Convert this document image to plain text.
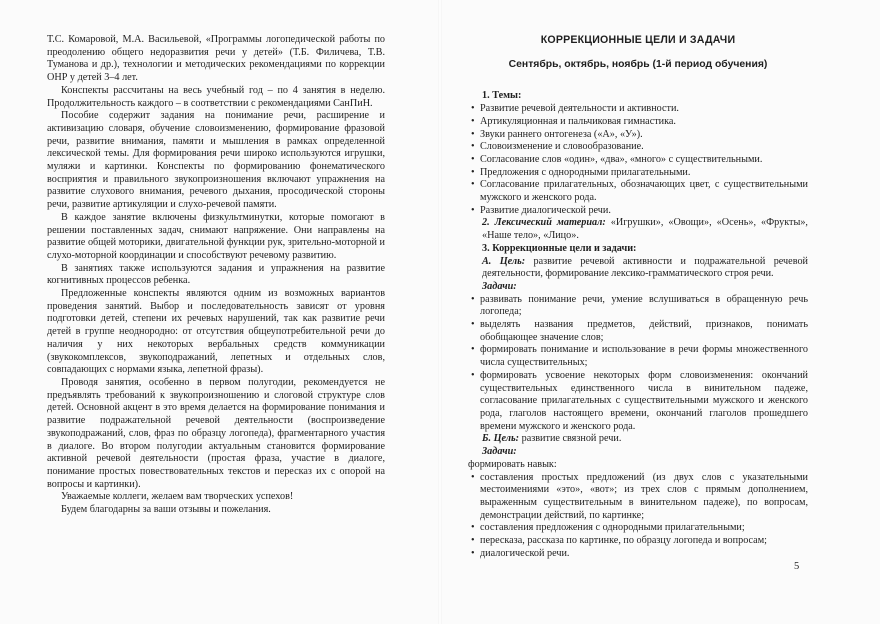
Т.С. Комаровой, М.А. Васильевой, «Программы логопедической работы по преодолению общего недоразвития речи у детей» (Т.Б. Филичева, Т.В. Туманова и др.), технологии и методических рекомендациями по коррекции ОНР у детей 3–4 лет.

Конспекты рассчитаны на весь учебный год – по 4 занятия в неделю. Продолжительность каждого – в соответствии с рекомендациями СанПиН.

Пособие содержит задания на понимание речи, расширение и активизацию словаря, обучение словоизменению, формирование фразовой речи, развитие внимания, памяти и мышления в рамках определенной лексической темы. Для формирования речи широко используются игрушки, муляжи и картинки. Конспекты по формированию фонематического восприятия и правильного звукопроизношения включают упражнения на развитие слухового внимания, речевого дыхания, просодической стороны речи, развитие артикуляции и слухо-речевой памяти.

В каждое занятие включены физкультминутки, которые помогают в решении поставленных задач, снимают напряжение. Они направлены на развитие общей моторики, двигательной функции рук, зрительно-моторной и слухо-моторной координации и способствуют речевому развитию.

В занятиях также используются задания и упражнения на развитие когнитивных процессов ребенка.

Предложенные конспекты являются одним из возможных вариантов проведения занятий. Выбор и последовательность зависят от уровня подготовки детей, степени их речевых нарушений, так как развитие речи детей в группе неоднородно: от отсутствия общеупотребительной речи до наличия у них некоторых вербальных средств коммуникации (звукокомплексов, звукоподражаний, лепетных и отдельных слов, совпадающих с нормами языка, лепетной фразы).

Проводя занятия, особенно в первом полугодии, рекомендуется не предъявлять требований к звукопроизношению и слоговой структуре слов детей. Основной акцент в это время делается на формирование понимания и развитие подражательной речевой деятельности (воспроизведение звукоподражаний, слов, фраз по образцу логопеда), фрагментарного участия в диалоге. Во втором полугодии актуальным становится формирование активной речевой деятельности (простая фраза, участие в диалоге, понимание простых повествовательных текстов и пересказ их с опорой на вопросы и картинки).

Уважаемые коллеги, желаем вам творческих успехов!

Будем благодарны за ваши отзывы и пожелания.

КОРРЕКЦИОННЫЕ ЦЕЛИ И ЗАДАЧИ
Сентябрь, октябрь, ноябрь (1-й период обучения)
1. Темы:
• Развитие речевой деятельности и активности.
• Артикуляционная и пальчиковая гимнастика.
• Звуки раннего онтогенеза («А», «У»).
• Словоизменение и словообразование.
• Согласование слов «один», «два», «много» с существительными.
• Предложения с однородными прилагательными.
• Согласование прилагательных, обозначающих цвет, с существительными мужского и женского рода.
• Развитие диалогической речи.

2. Лексический материал: «Игрушки», «Овощи», «Осень», «Фрукты», «Наше тело», «Лицо».

3. Коррекционные цели и задачи:

А. Цель: развитие речевой активности и подражательной речевой деятельности, формирование лексико-грамматического строя речи.

Задачи:

• развивать понимание речи, умение вслушиваться в обращенную речь логопеда;
• выделять названия предметов, действий, признаков, понимать обобщающее значение слов;
• формировать понимание и использование в речи формы множественного числа существительных;
• формировать усвоение некоторых форм словоизменения: окончаний существительных единственного числа в винительном падеже, согласование прилагательных с существительными мужского и женского рода, глаголов настоящего времени, окончаний глаголов прошедшего времени мужского и женского рода.

Б. Цель: развитие связной речи.

Задачи:

формировать навык:

• составления простых предложений (из двух слов с указательными местоимениями «это», «вот»; из трех слов с прямым дополнением, выраженным существительным в винительном падеже), по вопросам, демонстрации действий, по картинке;
• составления предложения с однородными прилагательными;
• пересказа, рассказа по картинке, по образцу логопеда и вопросам;
• диалогической речи.
5
